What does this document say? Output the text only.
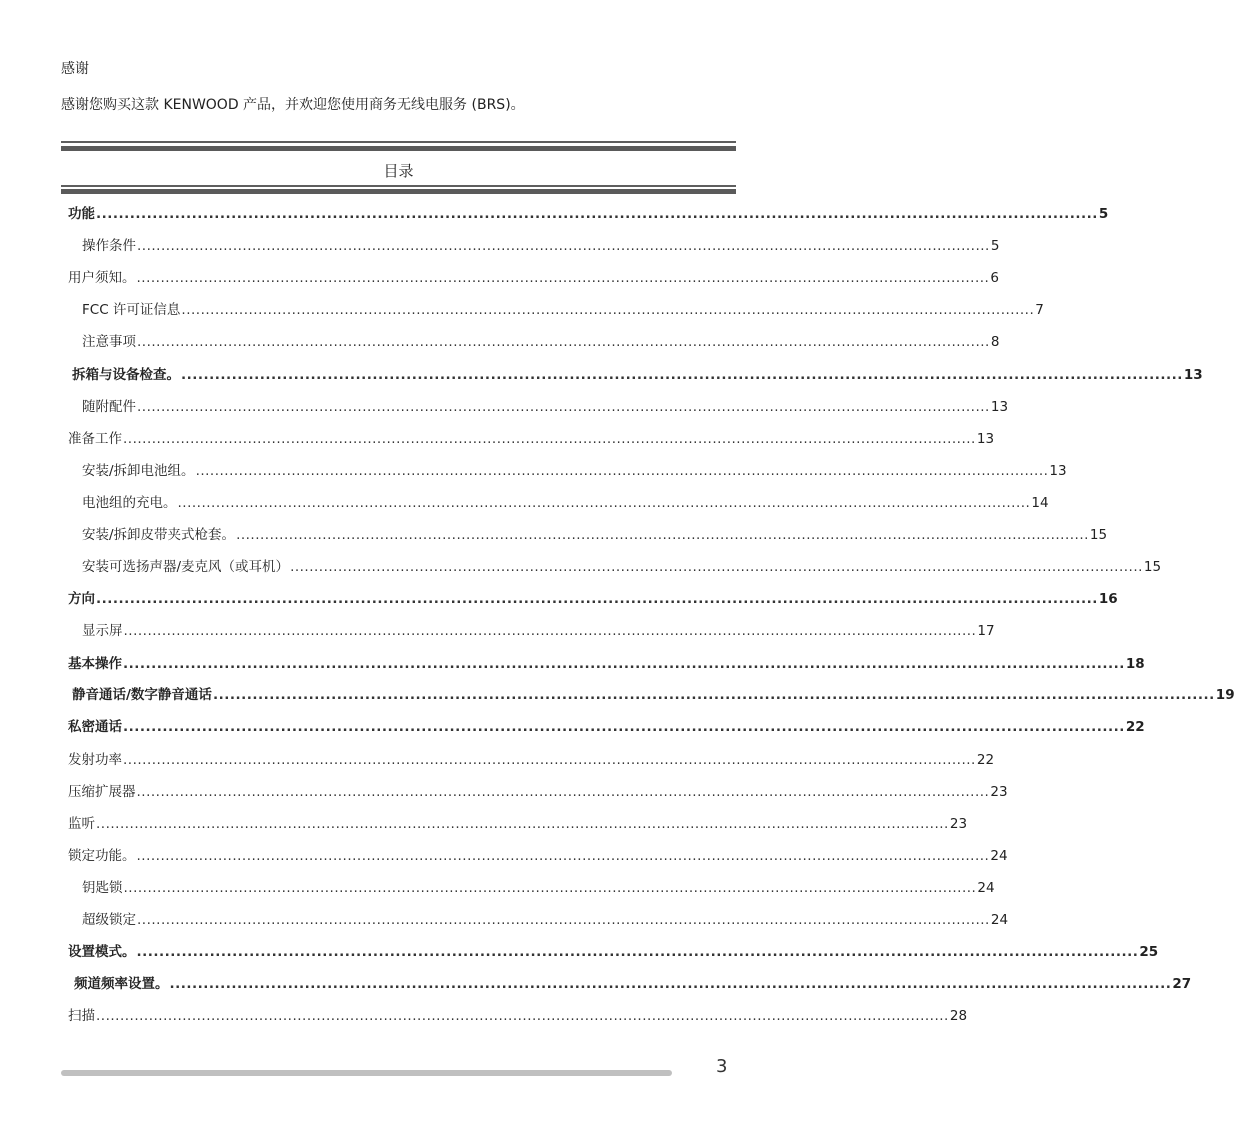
感谢
感谢您购买这款 KENWOOD 产品，并欢迎您使用商务无线电服务 (BRS)。
目录
功能 .................................................................................................................................................................................. 5
操作条件 .................................................................................................................................................................................. 5
用户须知。 .................................................................................................................................................................................. 6
FCC 许可证信息 .................................................................................................................................................................................. 7
注意事项 .................................................................................................................................................................................. 8
拆箱与设备检查。 .................................................................................................................................................................................. 13
随附配件 .................................................................................................................................................................................. 13
准备工作 .................................................................................................................................................................................. 13
安装/拆卸电池组。 .................................................................................................................................................................................. 13
电池组的充电。 .................................................................................................................................................................................. 14
安装/拆卸皮带夹式枪套。 .................................................................................................................................................................................. 15
安装可选扬声器/麦克风（或耳机） .................................................................................................................................................................................. 15
方向 .................................................................................................................................................................................. 16
显示屏 .................................................................................................................................................................................. 17
基本操作 .................................................................................................................................................................................. 18
静音通话/数字静音通话 .................................................................................................................................................................................. 19
私密通话 .................................................................................................................................................................................. 22
发射功率 .................................................................................................................................................................................. 22
压缩扩展器 .................................................................................................................................................................................. 23
监听 .................................................................................................................................................................................. 23
锁定功能。 .................................................................................................................................................................................. 24
钥匙锁 .................................................................................................................................................................................. 24
超级锁定 .................................................................................................................................................................................. 24
设置模式。 .................................................................................................................................................................................. 25
频道频率设置。 .................................................................................................................................................................................. 27
扫描 .................................................................................................................................................................................. 28
3
